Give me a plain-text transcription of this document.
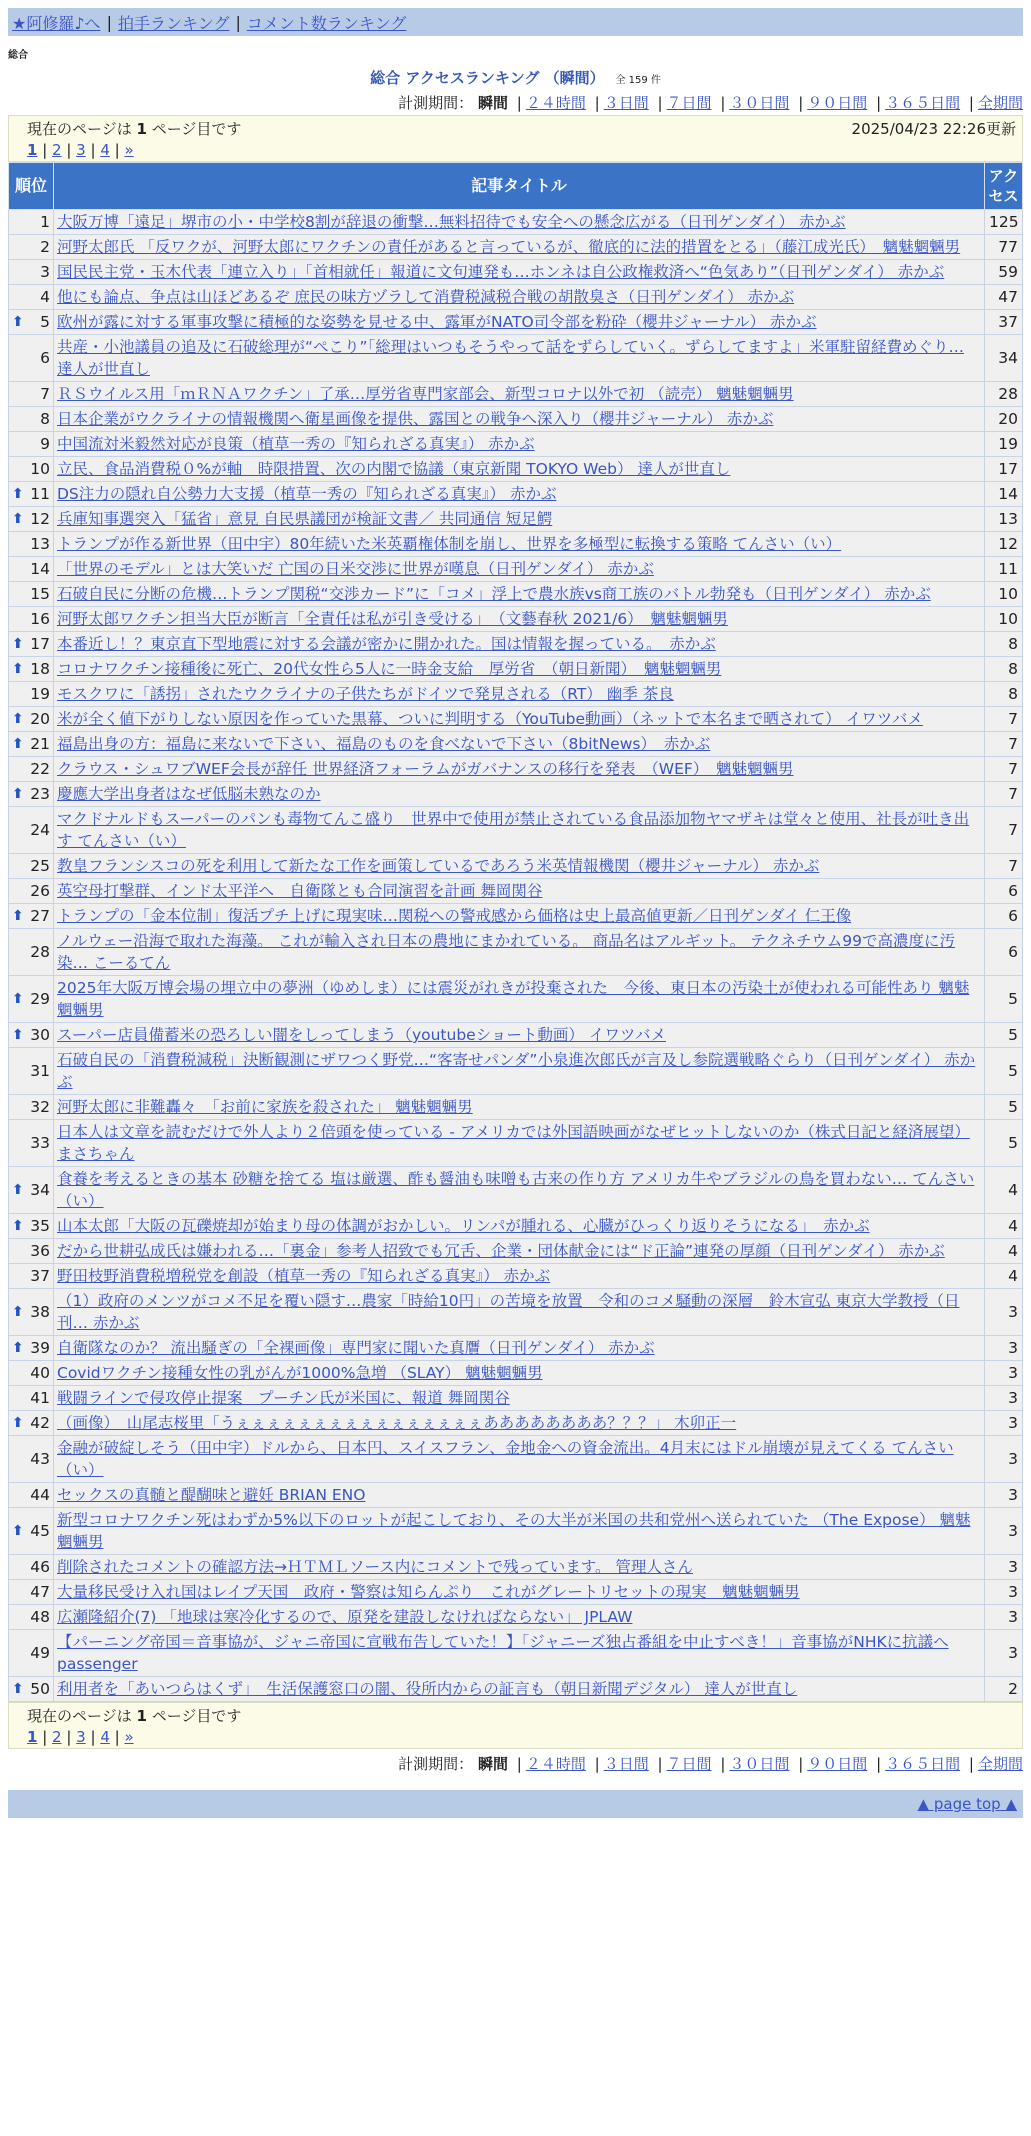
★阿修羅♪へ | 拍手ランキング | コメント数ランキング
総合
総合 アクセスランキング （瞬間） 全 159 件
計測期間： 瞬間 | ２４時間 | ３日間 | ７日間 | ３０日間 | ９０日間 | ３６５日間 | 全期間
現在のページは 1 ページ目です	2025/04/23 22:26更新
1 | 2 | 3 | 4 | »
順位	記事タイトル	アクセス
1	大阪万博「遠足」堺市の小・中学校8割が辞退の衝撃…無料招待でも安全への懸念広がる（日刊ゲンダイ） 赤かぶ	125
2	河野太郎氏 「反ワクが、河野太郎にワクチンの責任があると言っているが、徹底的に法的措置をとる」（藤江成光氏）　魑魅魍魎男	77
3	国民民主党・玉木代表「連立入り」「首相就任」報道に文句連発も…ホンネは自公政権救済へ“色気あり”（日刊ゲンダイ） 赤かぶ	59
4	他にも論点、争点は山ほどあるぞ 庶民の味方ヅラして消費税減税合戦の胡散臭さ（日刊ゲンダイ） 赤かぶ	47

⬆ 5	欧州が露に対する軍事攻撃に積極的な姿勢を見せる中、露軍がNATO司令部を粉砕（櫻井ジャーナル） 赤かぶ	37
6	共産・小池議員の追及に石破総理が“ぺこり”「総理はいつもそうやって話をずらしていく。ずらしてますよ」米軍駐留経費めぐり… 達人が世直し	34
7	ＲＳウイルス用「ｍＲＮＡワクチン」了承…厚労省専門家部会、新型コロナ以外で初 （読売） 魑魅魍魎男	28
8	日本企業がウクライナの情報機関へ衛星画像を提供、露国との戦争へ深入り（櫻井ジャーナル） 赤かぶ	20
9	中国流対米毅然対応が良策（植草一秀の『知られざる真実』） 赤かぶ	19
10	立民、食品消費税０%が軸　時限措置、次の内閣で協議（東京新聞 TOKYO Web） 達人が世直し	17

⬆ 11	DS注力の隠れ自公勢力大支援（植草一秀の『知られざる真実』） 赤かぶ	14

⬆ 12	兵庫知事選突入「猛省」意見 自民県議団が検証文書／ 共同通信 短足鰐	13
13	トランプが作る新世界（田中宇）80年続いた米英覇権体制を崩し、世界を多極型に転換する策略 てんさい（い）	12
14	「世界のモデル」とは大笑いだ 亡国の日米交渉に世界が嘆息（日刊ゲンダイ） 赤かぶ	11
15	石破自民に分断の危機…トランプ関税“交渉カード”に「コメ」浮上で農水族vs商工族のバトル勃発も（日刊ゲンダイ） 赤かぶ	10
16	河野太郎ワクチン担当大臣が断言「全責任は私が引き受ける」　（文藝春秋 2021/6）　魑魅魍魎男	10

⬆ 17	本番近し！？東京直下型地震に対する会議が密かに開かれた。国は情報を握っている。　赤かぶ	8

⬆ 18	コロナワクチン接種後に死亡、20代女性ら5人に一時金支給　厚労省　（朝日新聞）　魑魅魍魎男	8
19	モスクワに「誘拐」されたウクライナの子供たちがドイツで発見される（RT） 幽季 茶良	8

⬆ 20	米が全く値下がりしない原因を作っていた黒幕、ついに判明する（YouTube動画）（ネットで本名まで晒されて） イワツバメ	7

⬆ 21	福島出身の方：福島に来ないで下さい、福島のものを食べないで下さい（8bitNews）　赤かぶ	7
22	クラウス・シュワブWEF会長が辞任 世界経済フォーラムがガバナンスの移行を発表　（WEF）　魑魅魍魎男	7

⬆ 23	慶應大学出身者はなぜ低脳未熟なのか	7
24	マクドナルドもスーパーのパンも毒物てんこ盛り　世界中で使用が禁止されている食品添加物ヤマザキは堂々と使用、社長が吐き出す てんさい（い）	7
25	教皇フランシスコの死を利用して新たな工作を画策しているであろう米英情報機関（櫻井ジャーナル） 赤かぶ	7
26	英空母打撃群、インド太平洋へ　自衛隊とも合同演習を計画 舞岡関谷	6

⬆ 27	トランプの「金本位制」復活プチ上げに現実味…関税への警戒感から価格は史上最高値更新／日刊ゲンダイ 仁王像	6
28	ノルウェー沿海で取れた海藻。 これが輸入され日本の農地にまかれている。 商品名はアルギット。 テクネチウム99で高濃度に汚染… こーるてん	6

⬆ 29	2025年大阪万博会場の埋立中の夢洲（ゆめしま）には震災がれきが投棄された　今後、東日本の汚染土が使われる可能性あり 魑魅魍魎男	5

⬆ 30	スーパー店員備蓄米の恐ろしい闇をしってしまう（youtubeショート動画） イワツバメ	5
31	石破自民の「消費税減税」決断観測にザワつく野党…“客寄せパンダ”小泉進次郎氏が言及し参院選戦略ぐらり（日刊ゲンダイ） 赤かぶ	5
32	河野太郎に非難轟々　「お前に家族を殺された」 魑魅魍魎男	5
33	日本人は文章を読むだけで外人より２倍頭を使っている - アメリカでは外国語映画がなぜヒットしないのか（株式日記と経済展望） まさちゃん	5

⬆ 34	食養を考えるときの基本 砂糖を捨てる 塩は厳選、酢も醤油も味噌も古来の作り方 アメリカ牛やブラジルの鳥を買わない… てんさい（い）	4

⬆ 35	山本太郎「大阪の瓦礫焼却が始まり母の体調がおかしい。リンパが腫れる、心臓がひっくり返りそうになる」　赤かぶ	4
36	だから世耕弘成氏は嫌われる…「裏金」参考人招致でも冗舌、企業・団体献金には“ド正論”連発の厚顔（日刊ゲンダイ） 赤かぶ	4
37	野田枝野消費税増税党を創設（植草一秀の『知られざる真実』） 赤かぶ	4

⬆ 38	（1）政府のメンツがコメ不足を覆い隠す…農家「時給10円」の苦境を放置　令和のコメ騒動の深層　鈴木宣弘 東京大学教授（日刊… 赤かぶ	3

⬆ 39	自衛隊なのか？ 流出騒ぎの「全裸画像」専門家に聞いた真贋（日刊ゲンダイ） 赤かぶ	3
40	Covidワクチン接種女性の乳がんが1000%急増 （SLAY） 魑魅魍魎男	3
41	戦闘ラインで侵攻停止提案　プーチン氏が米国に、報道 舞岡関谷	3

⬆ 42	（画像）　山尾志桜里「うぇぇぇぇぇぇぇぇぇぇぇぇぇぇぇぇああああああああ？？？」 木卯正一	3
43	金融が破綻しそう（田中宇）ドルから、日本円、スイスフラン、金地金への資金流出。4月末にはドル崩壊が見えてくる てんさい（い）	3
44	セックスの真髄と醍醐味と避妊 BRIAN ENO	3

⬆ 45	新型コロナワクチン死はわずか5%以下のロットが起こしており、その大半が米国の共和党州へ送られていた （The Expose） 魑魅魍魎男	3
46	削除されたコメントの確認方法→ＨＴＭＬソース内にコメントで残っています。 管理人さん	3
47	大量移民受け入れ国はレイプ天国　政府・警察は知らんぷり　これがグレートリセットの現実　魑魅魍魎男	3
48	広瀬隆紹介(7) 「地球は寒冷化するので、原発を建設しなければならない」 JPLAW	3
49	【パーニング帝国＝音事協が、ジャニ帝国に宣戦布告していた！】「ジャニーズ独占番組を中止すべき！」音事協がNHKに抗議へ passenger	3

⬆ 50	利用者を「あいつらはくず」　生活保護窓口の闇、役所内からの証言も（朝日新聞デジタル） 達人が世直し	2
現在のページは 1 ページ目です
1 | 2 | 3 | 4 | »
計測期間： 瞬間 | ２４時間 | ３日間 | ７日間 | ３０日間 | ９０日間 | ３６５日間 | 全期間
▲ page top ▲
